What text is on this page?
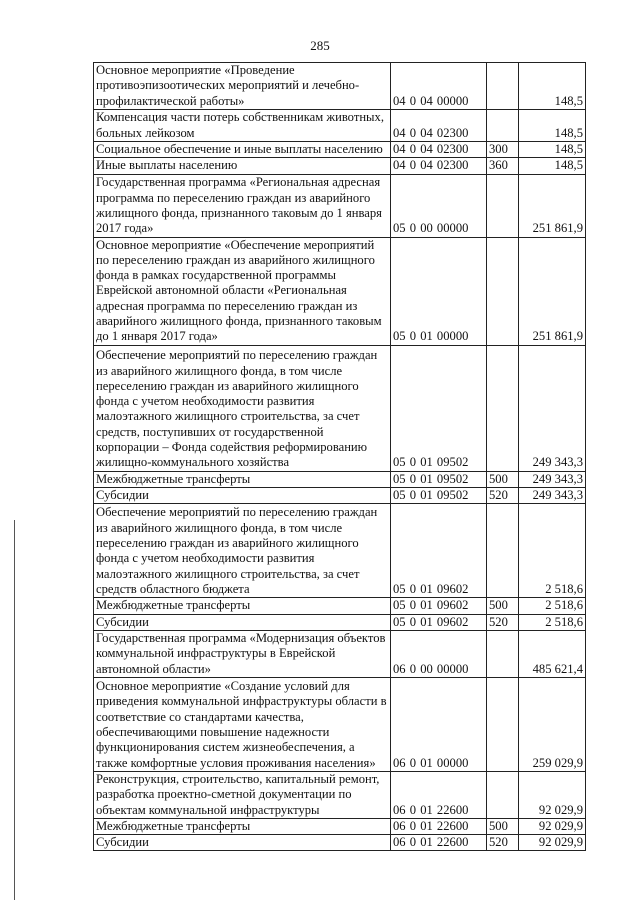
285
Основное мероприятие «Проведение противоэпизоотических мероприятий и лечебно-профилактической работы»	04 0 04 00000		148,5
Компенсация части потерь собственникам животных, больных лейкозом	04 0 04 02300		148,5
Социальное обеспечение и иные выплаты населению	04 0 04 02300	300	148,5
Иные выплаты населению	04 0 04 02300	360	148,5
Государственная программа «Региональная адресная программа по переселению граждан из аварийного жилищного фонда, признанного таковым до 1 января 2017 года»	05 0 00 00000		251 861,9
Основное мероприятие «Обеспечение мероприятий по переселению граждан из аварийного жилищного фонда в рамках государственной программы Еврейской автономной области «Региональная адресная программа по переселению граждан из аварийного жилищного фонда, признанного таковым до 1 января 2017 года»	05 0 01 00000		251 861,9
Обеспечение мероприятий по переселению граждан из аварийного жилищного фонда, в том числе переселению граждан из аварийного жилищного фонда с учетом необходимости развития малоэтажного жилищного строительства, за счет средств, поступивших от государственной корпорации – Фонда содействия реформированию жилищно-коммунального хозяйства	05 0 01 09502		249 343,3
Межбюджетные трансферты	05 0 01 09502	500	249 343,3
Субсидии	05 0 01 09502	520	249 343,3
Обеспечение мероприятий по переселению граждан из аварийного жилищного фонда, в том числе переселению граждан из аварийного жилищного фонда с учетом необходимости развития малоэтажного жилищного строительства, за счет средств областного бюджета	05 0 01 09602		2 518,6
Межбюджетные трансферты	05 0 01 09602	500	2 518,6
Субсидии	05 0 01 09602	520	2 518,6
Государственная программа «Модернизация объектов коммунальной инфраструктуры в Еврейской автономной области»	06 0 00 00000		485 621,4
Основное мероприятие «Создание условий для приведения коммунальной инфраструктуры области в соответствие со стандартами качества, обеспечивающими повышение надежности функционирования систем жизнеобеспечения, а также комфортные условия проживания населения»	06 0 01 00000		259 029,9
Реконструкция, строительство, капитальный ремонт, разработка проектно-сметной документации по объектам коммунальной инфраструктуры	06 0 01 22600		92 029,9
Межбюджетные трансферты	06 0 01 22600	500	92 029,9
Субсидии	06 0 01 22600	520	92 029,9
